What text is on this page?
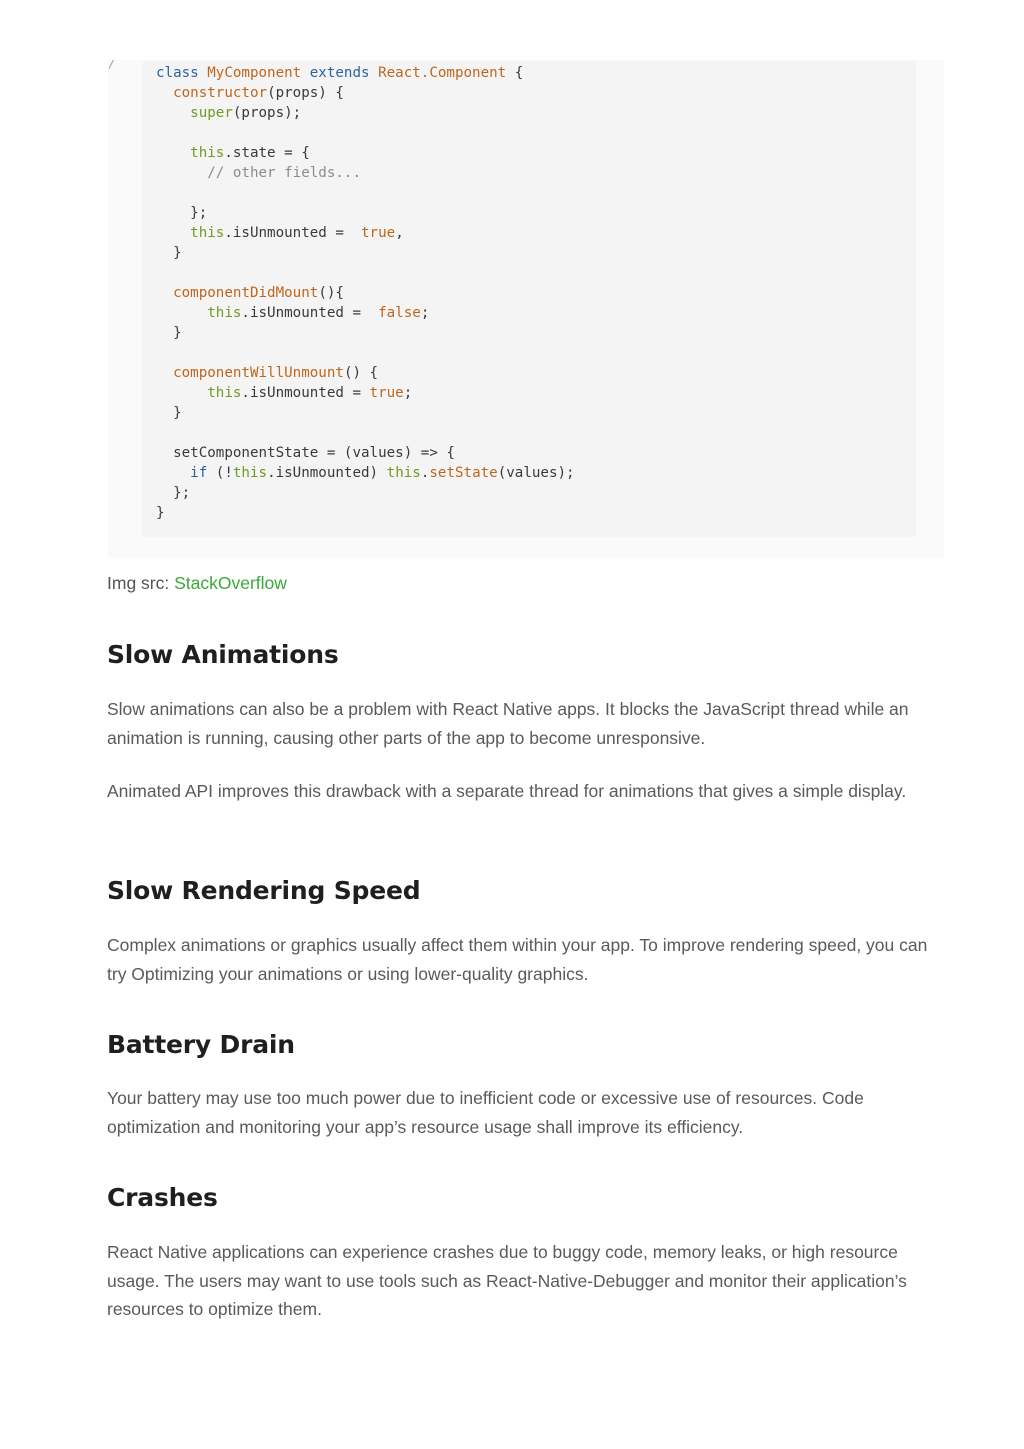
/
class MyComponent extends React.Component {
constructor(props) {
super(props);

this.state = {
// other fields...

};
this.isUnmounted =  true,
}

componentDidMount(){
this.isUnmounted =  false;
}

componentWillUnmount() {
this.isUnmounted = true;
}

setComponentState = (values) => {
if (!this.isUnmounted) this.setState(values);
};
}
Img src: StackOverflow
Slow Animations

Slow animations can also be a problem with React Native apps. It blocks the JavaScript thread while an animation is running, causing other parts of the app to become unresponsive.

Animated API improves this drawback with a separate thread for animations that gives a simple display.

Slow Rendering Speed

Complex animations or graphics usually affect them within your app. To improve rendering speed, you can try Optimizing your animations or using lower-quality graphics.

Battery Drain

Your battery may use too much power due to inefficient code or excessive use of resources. Code optimization and monitoring your app’s resource usage shall improve its efficiency.

Crashes

React Native applications can experience crashes due to buggy code, memory leaks, or high resource usage. The users may want to use tools such as React-Native-Debugger and monitor their application’s resources to optimize them.
